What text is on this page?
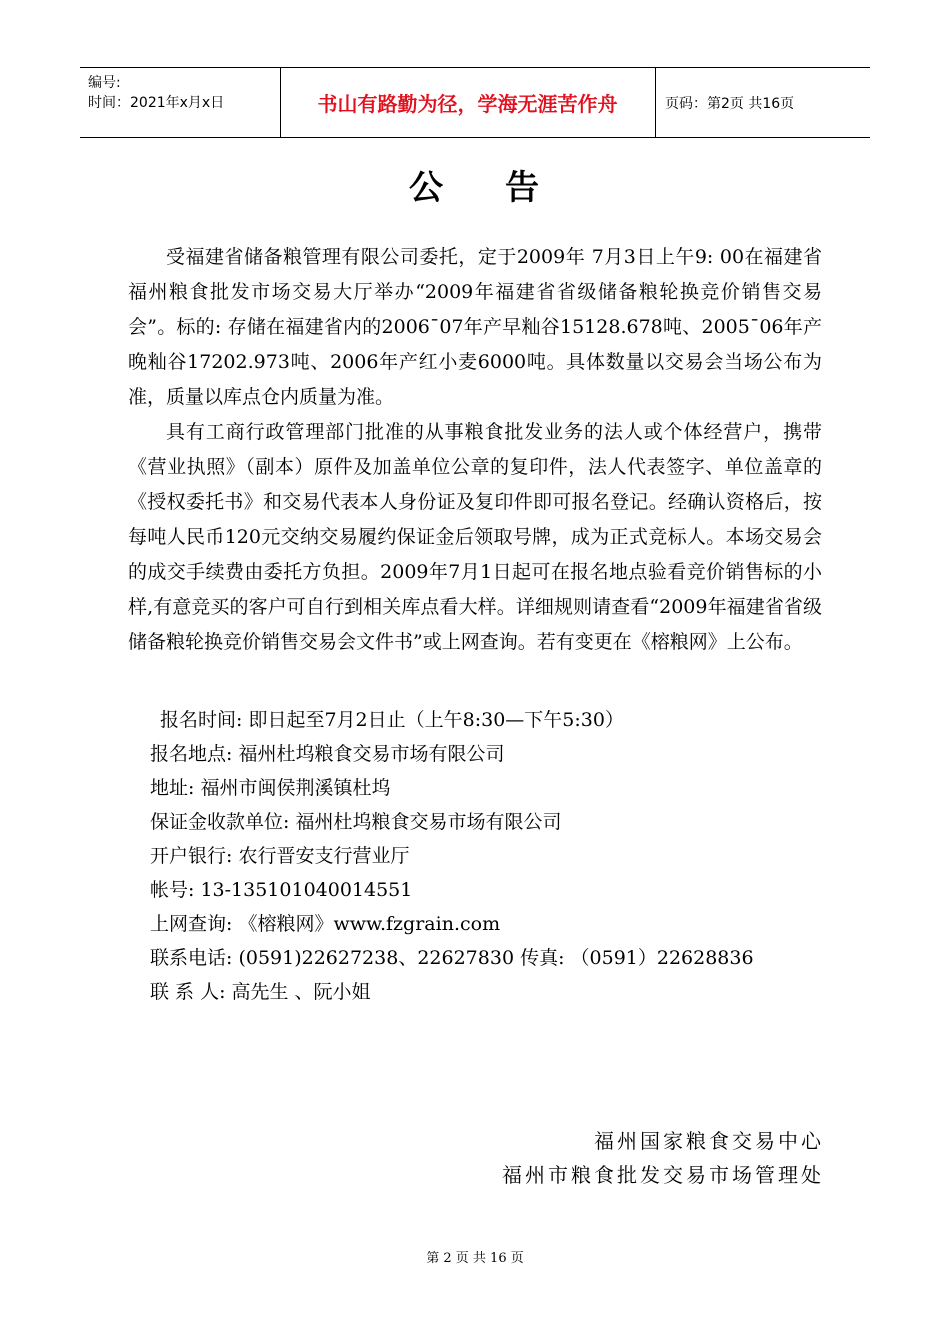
编号:
时间：2021年x月x日	书山有路勤为径，学海无涯苦作舟	页码：第2页 共16页
公 告

受福建省储备粮管理有限公司委托，定于2009年 7月3日上午9: 00在福建省福州粮食批发市场交易大厅举办“2009年福建省省级储备粮轮换竞价销售交易会”。标的: 存储在福建省内的2006¯07年产早籼谷15128.678吨、2005¯06年产晚籼谷17202.973吨、2006年产红小麦6000吨。具体数量以交易会当场公布为准，质量以库点仓内质量为准。

具有工商行政管理部门批准的从事粮食批发业务的法人或个体经营户，携带《营业执照》（副本）原件及加盖单位公章的复印件，法人代表签字、单位盖章的《授权委托书》和交易代表本人身份证及复印件即可报名登记。经确认资格后，按每吨人民币120元交纳交易履约保证金后领取号牌，成为正式竞标人。本场交易会的成交手续费由委托方负担。2009年7月1日起可在报名地点验看竞价销售标的小样,有意竞买的客户可自行到相关库点看大样。详细规则请查看“2009年福建省省级储备粮轮换竞价销售交易会文件书”或上网查询。若有变更在《榕粮网》上公布。

报名时间: 即日起至7月2日止（上午8:30—下午5:30）
报名地点: 福州杜坞粮食交易市场有限公司
地址: 福州市闽侯荆溪镇杜坞
保证金收款单位: 福州杜坞粮食交易市场有限公司
开户银行: 农行晋安支行营业厅
帐号: 13-135101040014551
上网查询: 《榕粮网》www.fzgrain.com
联系电话: (0591)22627238、22627830 传真: （0591）22628836
联 系 人: 高先生 、阮小姐
福州国家粮食交易中心
福州市粮食批发交易市场管理处
第 2 页 共 16 页
